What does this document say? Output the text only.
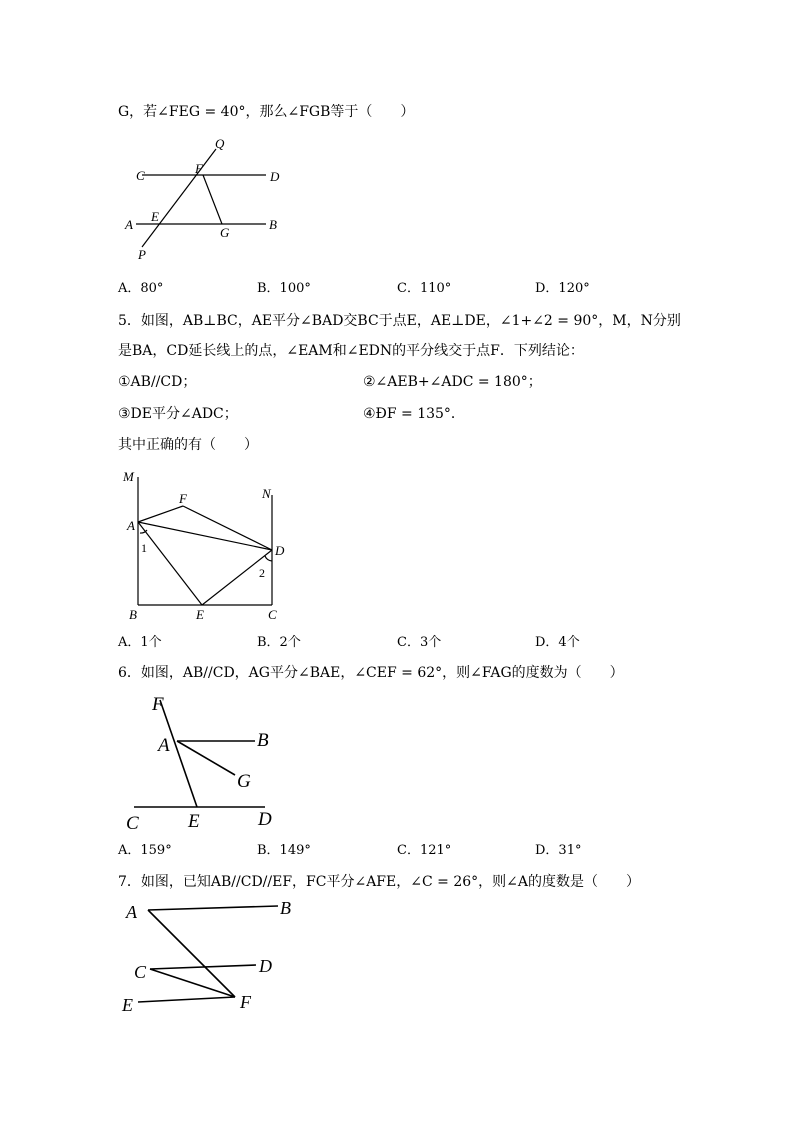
G，若∠FEG = 40°，那么∠FGB等于（　　）
Q
C	F
D
A
E
G
B
P
A．80°	B．100°	C．110°	D．120°
5．如图，AB⊥BC，AE平分∠BAD交BC于点E，AE⊥DE，∠1+∠2 = 90°，M，N分别
是BA，CD延长线上的点，∠EAM和∠EDN的平分线交于点F．下列结论：
①AB//CD；	②∠AEB+∠ADC = 180°；
③DE平分∠ADC；	④ÐF = 135°．
其中正确的有（　　）
M
F	N
A
1	D
2
B	E	C
A．1个	B．2个	C．3个	D．4个
6．如图，AB//CD，AG平分∠BAE，∠CEF = 62°，则∠FAG的度数为（　　）
F
A	B
G
C	E	D
A．159°	B．149°	C．121°	D．31°
7．如图，已知AB//CD//EF，FC平分∠AFE，∠C = 26°，则∠A的度数是（　　）
A	B
C	D
E	F
